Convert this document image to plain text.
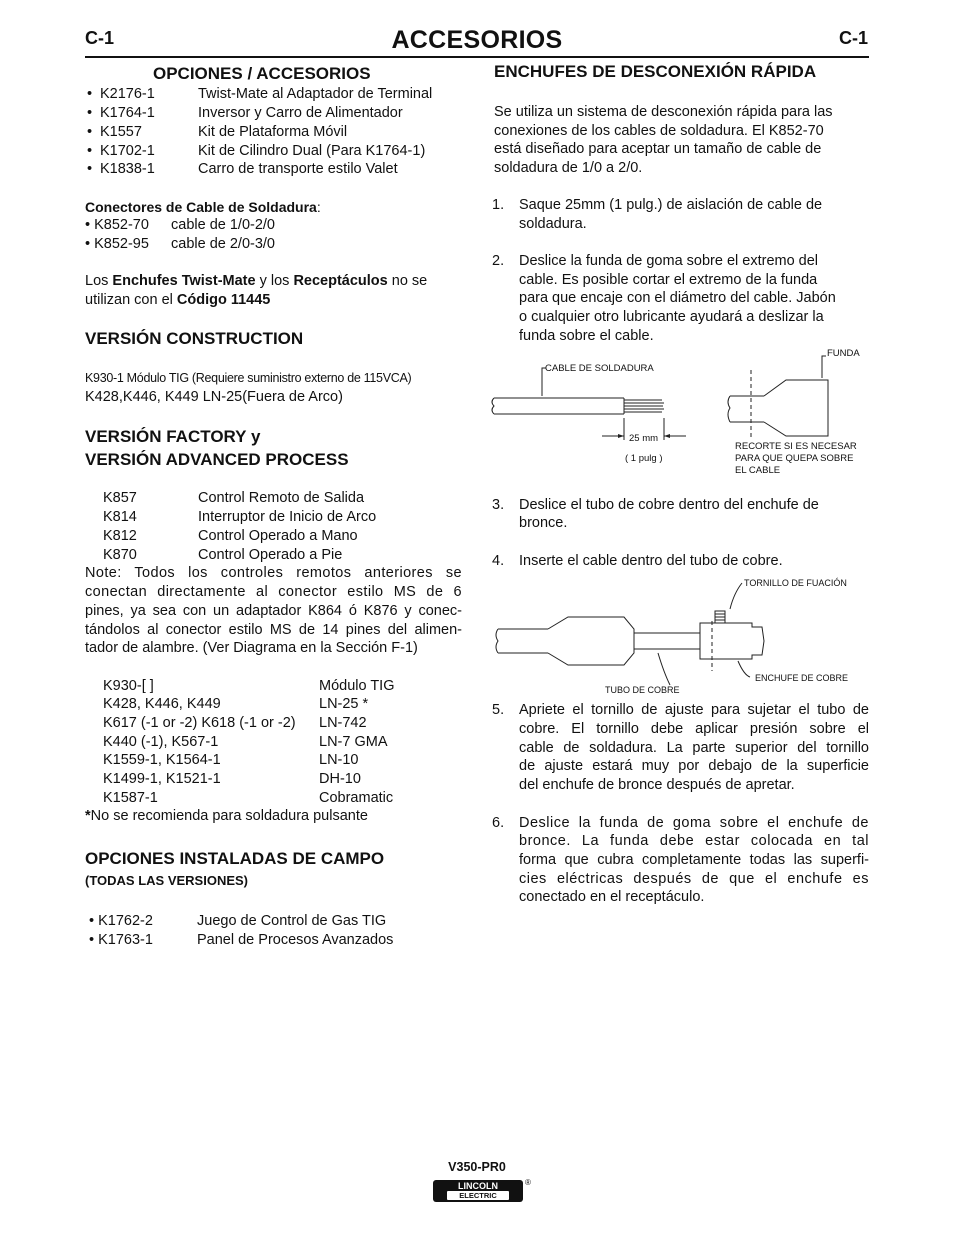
C-1	ACCESORIOS	C-1
OPCIONES / ACCESORIOS
• K2176-1	Twist-Mate al Adaptador de Terminal
• K1764-1	Inversor y Carro de Alimentador
• K1557	Kit de Plataforma Móvil
• K1702-1	Kit de Cilindro Dual (Para K1764-1)
• K1838-1	Carro de transporte estilo Valet
Conectores de Cable de Soldadura:
• K852-70 cable de 1/0-2/0
• K852-95 cable de 2/0-3/0
Los Enchufes Twist-Mate y los Receptáculos no se
utilizan con el Código 11445
VERSIÓN CONSTRUCTION
K930-1 Módulo TIG (Requiere suministro externo de 115VCA)
K428,K446, K449 LN-25(Fuera de Arco)
VERSIÓN FACTORY y
VERSIÓN ADVANCED PROCESS
K857	Control Remoto de Salida
K814	Interruptor de Inicio de Arco
K812	Control Operado a Mano
K870	Control Operado a Pie
Note: Todos los controles remotos anteriores se
conectan directamente al conector estilo MS de 6
pines, ya sea con un adaptador K864 ó K876 y conec-
tándolos al conector estilo MS de 14 pines del alimen-
tador de alambre. (Ver Diagrama en la Sección F-1)
K930-[ ]	Módulo TIG
K428, K446, K449	LN-25 *
K617 (-1 or -2) K618 (-1 or -2) LN-742
K440 (-1), K567-1	LN-7 GMA
K1559-1, K1564-1	LN-10
K1499-1, K1521-1	DH-10
K1587-1	Cobramatic
*No se recomienda para soldadura pulsante
OPCIONES INSTALADAS DE CAMPO
(TODAS LAS VERSIONES)
• K1762-2	Juego de Control de Gas TIG
• K1763-1	Panel de Procesos Avanzados
ENCHUFES DE DESCONEXIÓN RÁPIDA
Se utiliza un sistema de desconexión rápida para las
conexiones de los cables de soldadura. El K852-70
está diseñado para aceptar un tamaño de cable de
soldadura de 1/0 a 2/0.
1. Saque 25mm (1 pulg.) de aislación de cable de
soldadura.
2. Deslice la funda de goma sobre el extremo del
cable. Es posible cortar el extremo de la funda
para que encaje con el diámetro del cable. Jabón
o cualquier otro lubricante ayudará a deslizar la
funda sobre el cable.
CABLE DE SOLDADURA
FUNDA
25 mm
( 1 pulg )
RECORTE SI ES NECESAR
PARA QUE QUEPA SOBRE
EL CABLE
3. Deslice el tubo de cobre dentro del enchufe de
bronce.
4. Inserte el cable dentro del tubo de cobre.
TORNILLO DE FUACIÓN
TUBO DE COBRE
ENCHUFE DE COBRE
5. Apriete el tornillo de ajuste para sujetar el tubo de
cobre. El tornillo debe aplicar presión sobre el
cable de soldadura. La parte superior del tornillo
de ajuste estará muy por debajo de la superficie
del enchufe de bronce después de apretar.
6. Deslice la funda de goma sobre el enchufe de
bronce. La funda debe estar colocada en tal
forma que cubra completamente todas las superfi-
cies eléctricas después de que el enchufe es
conectado en el receptáculo.
V350-PR0
LINCOLN
ELECTRIC
®
